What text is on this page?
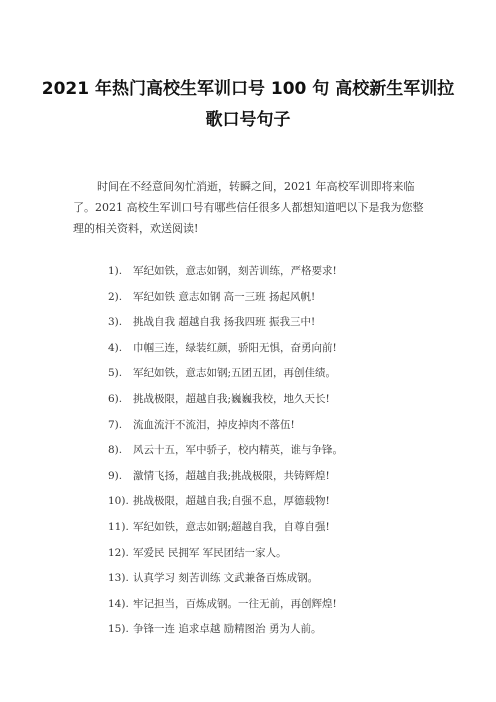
2021 年热门高校生军训口号 100 句 高校新生军训拉歌口号句子

时间在不经意间匆忙消逝，转瞬之间，2021 年高校军训即将来临了。2021 高校生军训口号有哪些信任很多人都想知道吧以下是我为您整理的相关资料，欢送阅读!

1). 军纪如铁，意志如钢，刻苦训练，严格要求!
2). 军纪如铁 意志如钢 高一三班 扬起风帆!
3). 挑战自我 超越自我 扬我四班 振我三中!
4). 巾帼三连，绿装红颜，骄阳无惧，奋勇向前!
5). 军纪如铁，意志如钢;五团五团，再创佳绩。
6). 挑战极限，超越自我;巍巍我校，地久天长!
7). 流血流汗不流泪，掉皮掉肉不落伍!
8). 风云十五，军中骄子，校内精英，谁与争锋。
9). 激情飞扬，超越自我;挑战极限，共铸辉煌!
10). 挑战极限，超越自我;自强不息，厚德载物!
11). 军纪如铁，意志如钢;超越自我，自尊自强!
12). 军爱民 民拥军 军民团结一家人。
13). 认真学习 刻苦训练 文武兼备百炼成钢。
14). 牢记担当，百炼成钢。一往无前，再创辉煌!
15). 争锋一连 追求卓越 励精图治 勇为人前。
